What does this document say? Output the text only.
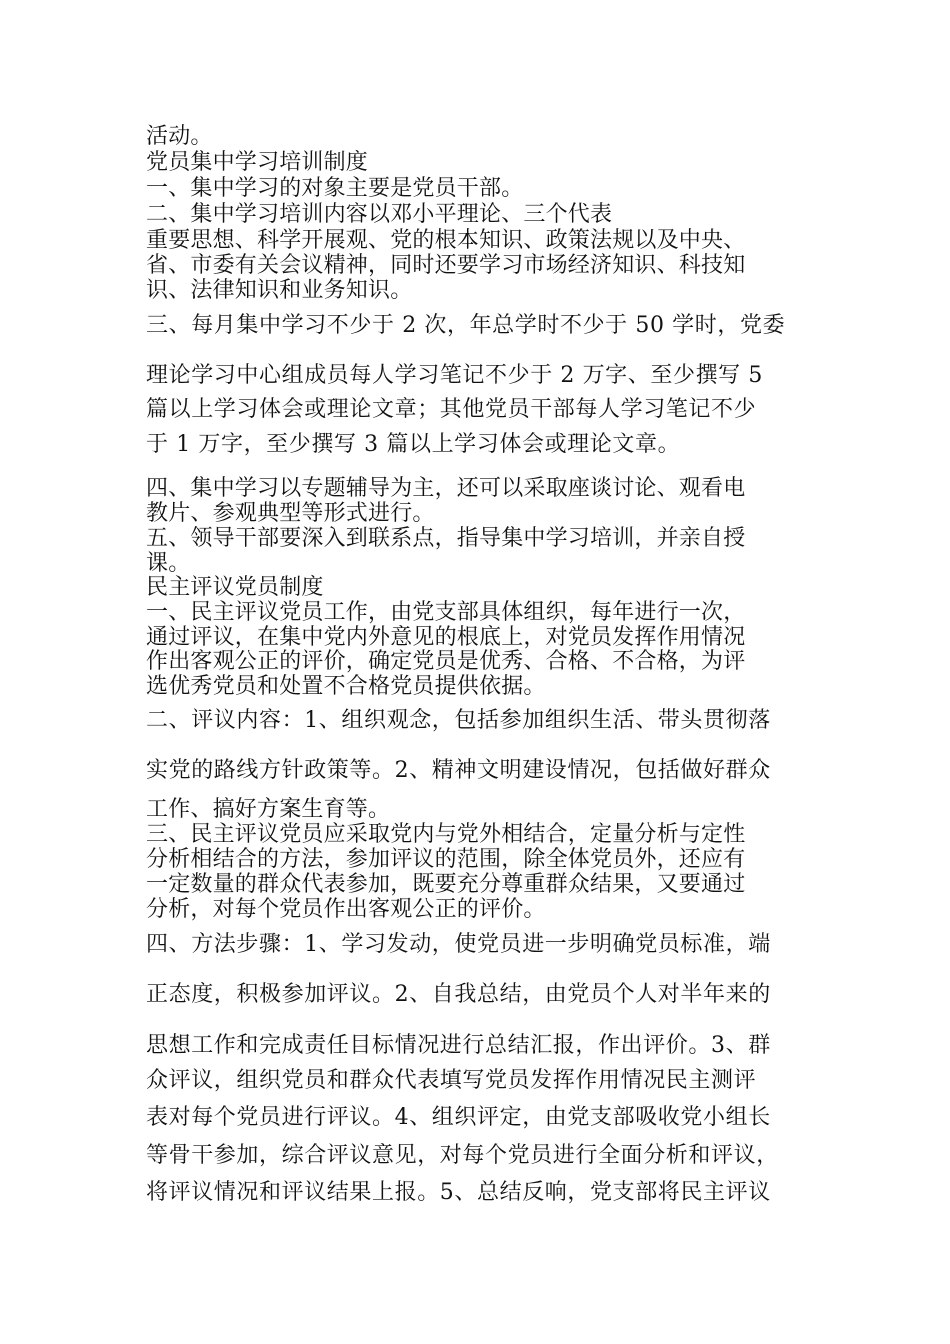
活动。

党员集中学习培训制度

一、集中学习的对象主要是党员干部。

二、集中学习培训内容以邓小平理论、三个代表

重要思想、科学开展观、党的根本知识、政策法规以及中央、

省、市委有关会议精神，同时还要学习市场经济知识、科技知

识、法律知识和业务知识。

三、每月集中学习不少于 2 次，年总学时不少于 50 学时，党委

理论学习中心组成员每人学习笔记不少于 2 万字、至少撰写 5

篇以上学习体会或理论文章；其他党员干部每人学习笔记不少

于 1 万字，至少撰写 3 篇以上学习体会或理论文章。

四、集中学习以专题辅导为主，还可以采取座谈讨论、观看电

教片、参观典型等形式进行。

五、领导干部要深入到联系点，指导集中学习培训，并亲自授

课。

民主评议党员制度

一、民主评议党员工作，由党支部具体组织，每年进行一次，

通过评议，在集中党内外意见的根底上，对党员发挥作用情况

作出客观公正的评价，确定党员是优秀、合格、不合格，为评

选优秀党员和处置不合格党员提供依据。

二、评议内容：1、组织观念，包括参加组织生活、带头贯彻落

实党的路线方针政策等。2、精神文明建设情况，包括做好群众

工作、搞好方案生育等。

三、民主评议党员应采取党内与党外相结合，定量分析与定性

分析相结合的方法，参加评议的范围，除全体党员外，还应有

一定数量的群众代表参加，既要充分尊重群众结果，又要通过

分析，对每个党员作出客观公正的评价。

四、方法步骤：1、学习发动，使党员进一步明确党员标准，端

正态度，积极参加评议。2、自我总结，由党员个人对半年来的

思想工作和完成责任目标情况进行总结汇报，作出评价。3、群

众评议，组织党员和群众代表填写党员发挥作用情况民主测评

表对每个党员进行评议。4、组织评定，由党支部吸收党小组长

等骨干参加，综合评议意见，对每个党员进行全面分析和评议，

将评议情况和评议结果上报。5、总结反响，党支部将民主评议
